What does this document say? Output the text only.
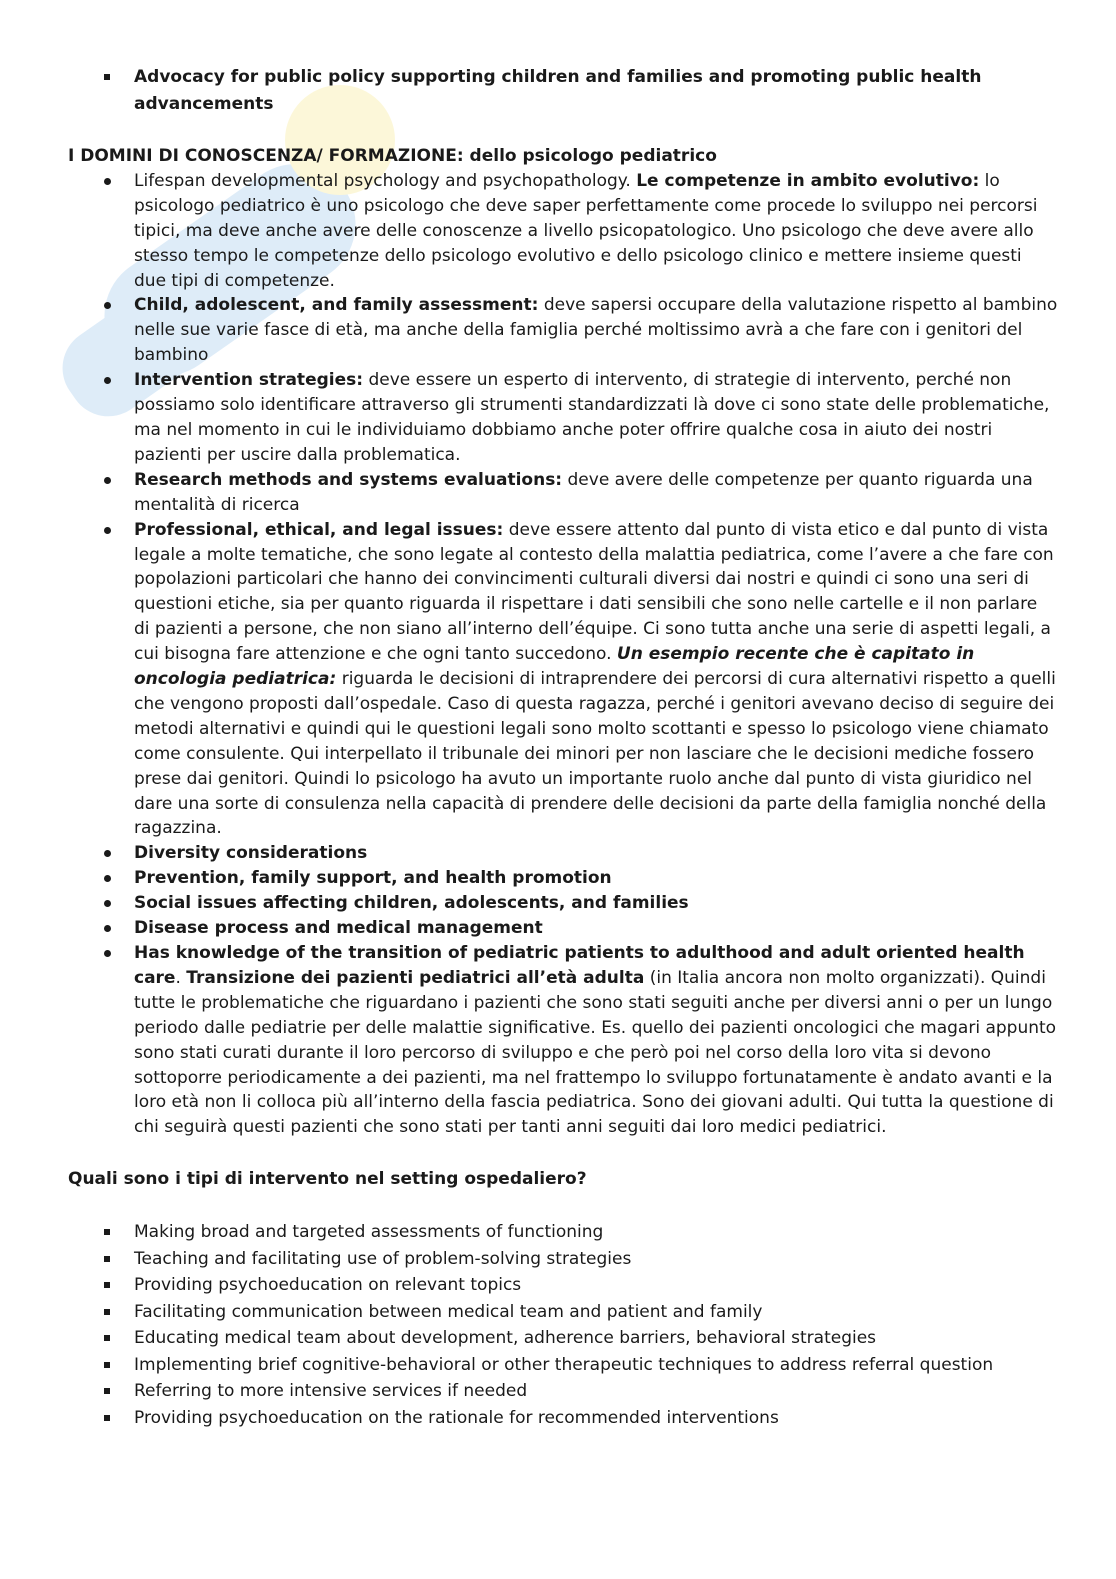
Advocacy for public policy supporting children and families and promoting public health advancements

I DOMINI DI CONOSCENZA/ FORMAZIONE: dello psicologo pediatrico

Lifespan developmental psychology and psychopathology. Le competenze in ambito evolutivo: lo psicologo pediatrico è uno psicologo che deve saper perfettamente come procede lo sviluppo nei percorsi tipici, ma deve anche avere delle conoscenze a livello psicopatologico. Uno psicologo che deve avere allo stesso tempo le competenze dello psicologo evolutivo e dello psicologo clinico e mettere insieme questi due tipi di competenze.
Child, adolescent, and family assessment: deve sapersi occupare della valutazione rispetto al bambino nelle sue varie fasce di età, ma anche della famiglia perché moltissimo avrà a che fare con i genitori del bambino
Intervention strategies: deve essere un esperto di intervento, di strategie di intervento, perché non possiamo solo identificare attraverso gli strumenti standardizzati là dove ci sono state delle problematiche, ma nel momento in cui le individuiamo dobbiamo anche poter offrire qualche cosa in aiuto dei nostri pazienti per uscire dalla problematica.
Research methods and systems evaluations: deve avere delle competenze per quanto riguarda una mentalità di ricerca
Professional, ethical, and legal issues: deve essere attento dal punto di vista etico e dal punto di vista legale a molte tematiche, che sono legate al contesto della malattia pediatrica, come l’avere a che fare con popolazioni particolari che hanno dei convincimenti culturali diversi dai nostri e quindi ci sono una seri di questioni etiche, sia per quanto riguarda il rispettare i dati sensibili che sono nelle cartelle e il non parlare di pazienti a persone, che non siano all’interno dell’équipe. Ci sono tutta anche una serie di aspetti legali, a cui bisogna fare attenzione e che ogni tanto succedono. Un esempio recente che è capitato in oncologia pediatrica: riguarda le decisioni di intraprendere dei percorsi di cura alternativi rispetto a quelli che vengono proposti dall’ospedale. Caso di questa ragazza, perché i genitori avevano deciso di seguire dei metodi alternativi e quindi qui le questioni legali sono molto scottanti e spesso lo psicologo viene chiamato come consulente. Qui interpellato il tribunale dei minori per non lasciare che le decisioni mediche fossero prese dai genitori. Quindi lo psicologo ha avuto un importante ruolo anche dal punto di vista giuridico nel dare una sorte di consulenza nella capacità di prendere delle decisioni da parte della famiglia nonché della ragazzina.
Diversity considerations
Prevention, family support, and health promotion
Social issues affecting children, adolescents, and families
Disease process and medical management
Has knowledge of the transition of pediatric patients to adulthood and adult oriented health care. Transizione dei pazienti pediatrici all’età adulta (in Italia ancora non molto organizzati). Quindi tutte le problematiche che riguardano i pazienti che sono stati seguiti anche per diversi anni o per un lungo periodo dalle pediatrie per delle malattie significative. Es. quello dei pazienti oncologici che magari appunto sono stati curati durante il loro percorso di sviluppo e che però poi nel corso della loro vita si devono sottoporre periodicamente a dei pazienti, ma nel frattempo lo sviluppo fortunatamente è andato avanti e la loro età non li colloca più all’interno della fascia pediatrica. Sono dei giovani adulti. Qui tutta la questione di chi seguirà questi pazienti che sono stati per tanti anni seguiti dai loro medici pediatrici.

Quali sono i tipi di intervento nel setting ospedaliero?

Making broad and targeted assessments of functioning
Teaching and facilitating use of problem-solving strategies
Providing psychoeducation on relevant topics
Facilitating communication between medical team and patient and family
Educating medical team about development, adherence barriers, behavioral strategies
Implementing brief cognitive-behavioral or other therapeutic techniques to address referral question
Referring to more intensive services if needed
Providing psychoeducation on the rationale for recommended interventions
